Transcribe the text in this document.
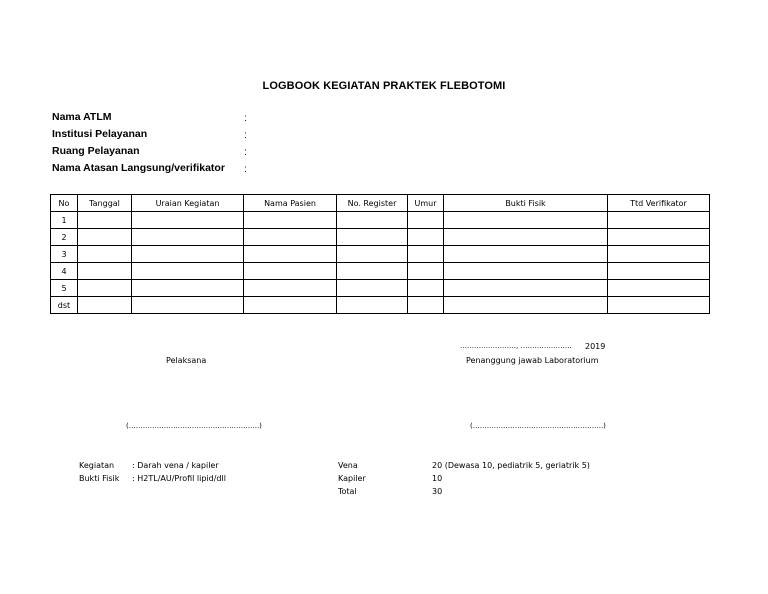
LOGBOOK KEGIATAN PRAKTEK FLEBOTOMI
Nama ATLM	:
Institusi Pelayanan	:
Ruang Pelayanan	:
Nama Atasan Langsung/verifikator :
No	Tanggal	Uraian Kegiatan	Nama Pasien	No. Register	Umur	Bukti Fisik	Ttd Verifikator
1							
2							
3							
4							
5							
dst							
……………………, …………………. 2019
Pelaksana	Penanggung jawab Laboratorium
(………………………………………………..)	(………………………………………………..)
Kegiatan : Darah vena / kapiler
Bukti Fisik : H2TL/AU/Profil lipid/dll
Vena	20 (Dewasa 10, pediatrik 5, geriatrik 5)
Kapiler	10
Total	30
